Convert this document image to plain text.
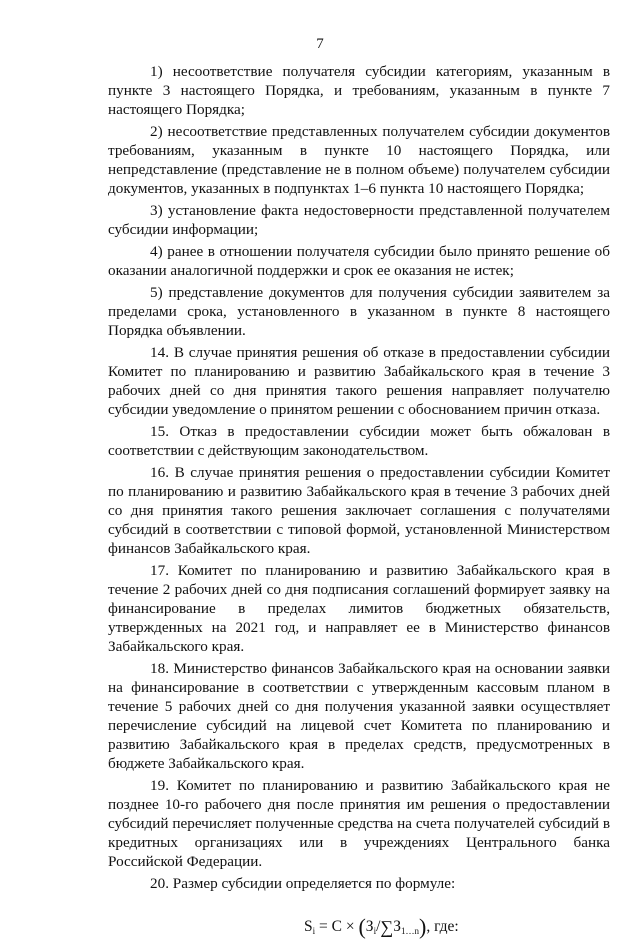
7

1) несоответствие получателя субсидии категориям, указанным в пункте 3 настоящего Порядка, и требованиям, указанным в пункте 7 настоящего Порядка;

2) несоответствие представленных получателем субсидии документов требованиям, указанным в пункте 10 настоящего Порядка, или непредставление (представление не в полном объеме) получателем субсидии документов, указанных в подпунктах 1–6 пункта 10 настоящего Порядка;

3) установление факта недостоверности представленной получателем субсидии информации;

4) ранее в отношении получателя субсидии было принято решение об оказании аналогичной поддержки и срок ее оказания не истек;

5) представление документов для получения субсидии заявителем за пределами срока, установленного в указанном в пункте 8 настоящего Порядка объявлении.

14. В случае принятия решения об отказе в предоставлении субсидии Комитет по планированию и развитию Забайкальского края в течение 3 рабочих дней со дня принятия такого решения направляет получателю субсидии уведомление о принятом решении с обоснованием причин отказа.

15. Отказ в предоставлении субсидии может быть обжалован в соответствии с действующим законодательством.

16. В случае принятия решения о предоставлении субсидии Комитет по планированию и развитию Забайкальского края в течение 3 рабочих дней со дня принятия такого решения заключает соглашения с получателями субсидий в соответствии с типовой формой, установленной Министерством финансов Забайкальского края.

17. Комитет по планированию и развитию Забайкальского края в течение 2 рабочих дней со дня подписания соглашений формирует заявку на финансирование в пределах лимитов бюджетных обязательств, утвержденных на 2021 год, и направляет ее в Министерство финансов Забайкальского края.

18. Министерство финансов Забайкальского края на основании заявки на финансирование в соответствии с утвержденным кассовым планом в течение 5 рабочих дней со дня получения указанной заявки осуществляет перечисление субсидий на лицевой счет Комитета по планированию и развитию Забайкальского края в пределах средств, предусмотренных в бюджете Забайкальского края.

19. Комитет по планированию и развитию Забайкальского края не позднее 10-го рабочего дня после принятия им решения о предоставлении субсидий перечисляет полученные средства на счета получателей субсидий в кредитных организациях или в учреждениях Центрального банка Российской Федерации.

20. Размер субсидии определяется по формуле:

$S_i = C \times (З_i/\sum З_{1\dots n})$, где:
